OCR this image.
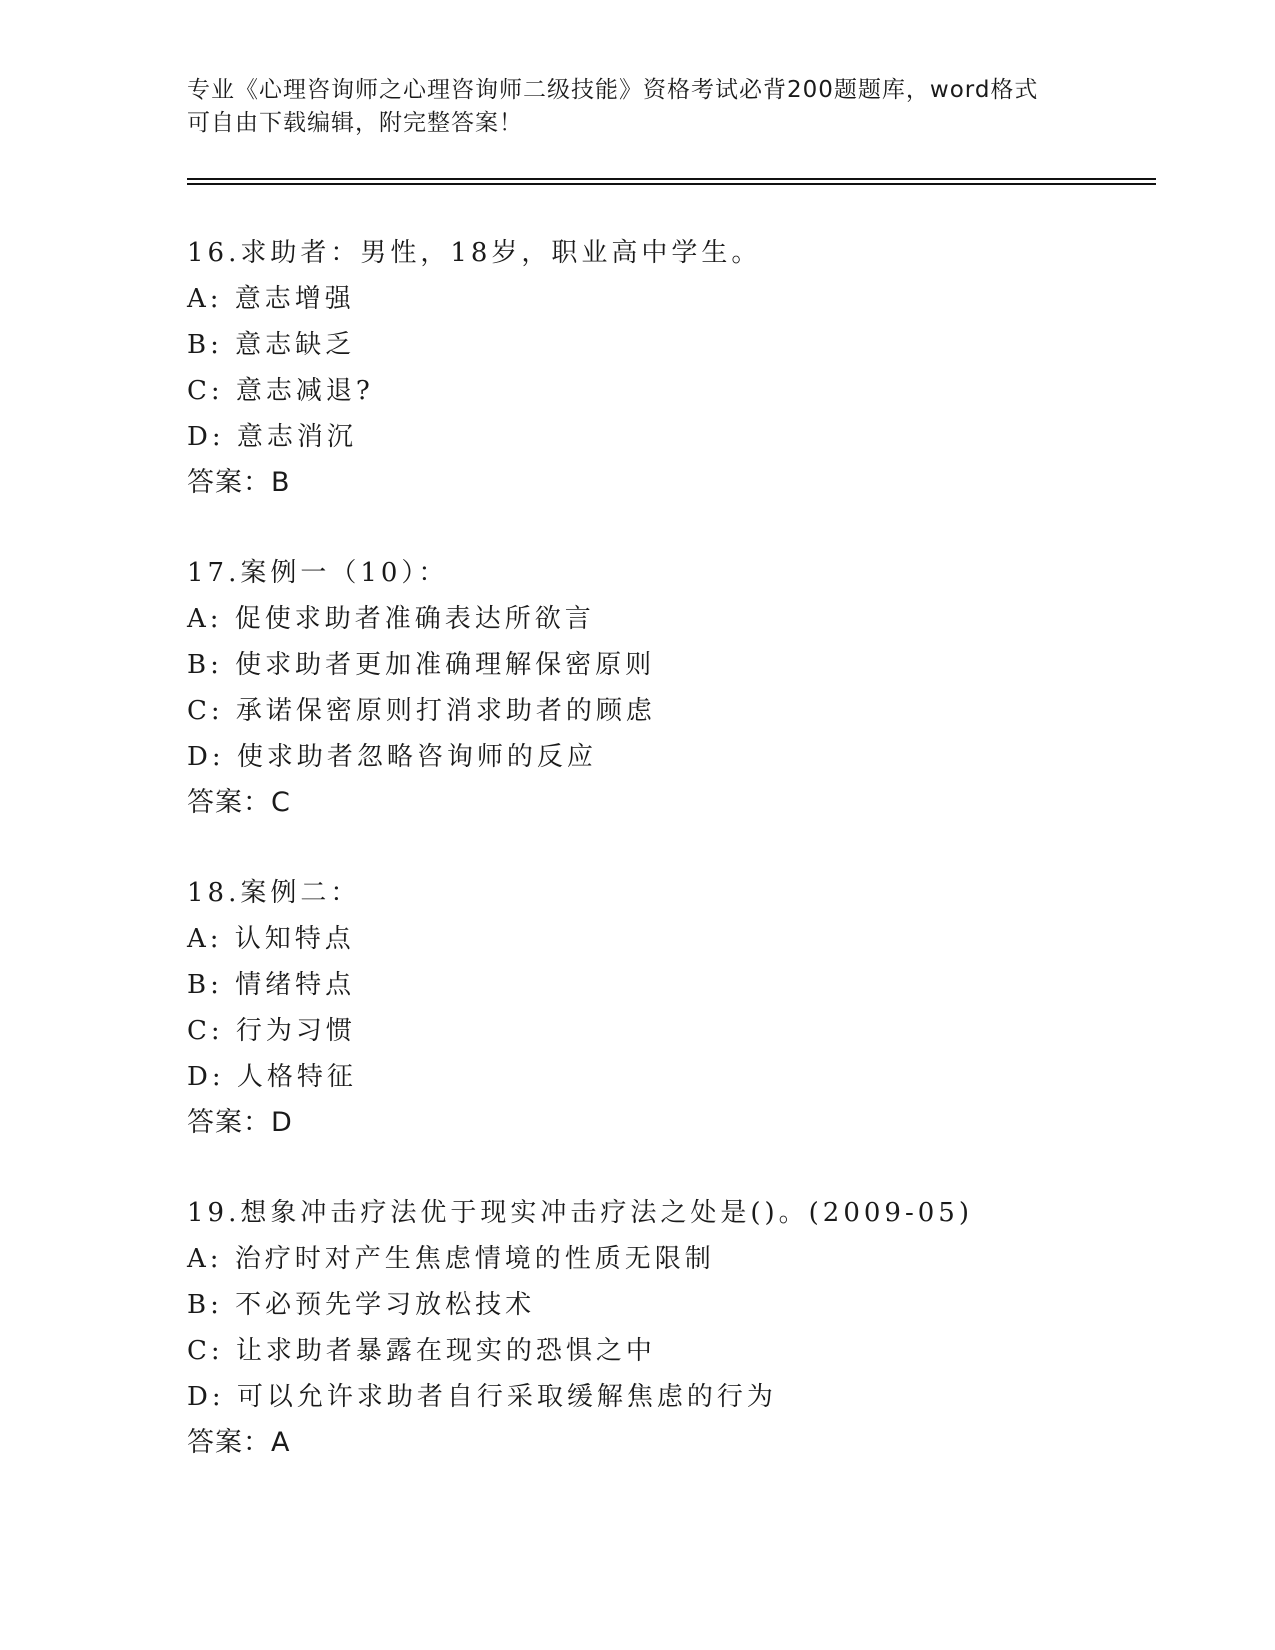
专业《心理咨询师之心理咨询师二级技能》资格考试必背200题题库，word格式
可自由下载编辑，附完整答案！
16.求助者：男性，18岁，职业高中学生。
A: 意志增强
B: 意志缺乏
C: 意志减退?
D: 意志消沉
答案：B
17.案例一（10）：
A: 促使求助者准确表达所欲言
B: 使求助者更加准确理解保密原则
C: 承诺保密原则打消求助者的顾虑
D: 使求助者忽略咨询师的反应
答案：C
18.案例二：
A: 认知特点
B: 情绪特点
C: 行为习惯
D: 人格特征
答案：D
19.想象冲击疗法优于现实冲击疗法之处是()。(2009-05)
A: 治疗时对产生焦虑情境的性质无限制
B: 不必预先学习放松技术
C: 让求助者暴露在现实的恐惧之中
D: 可以允许求助者自行采取缓解焦虑的行为
答案：A
